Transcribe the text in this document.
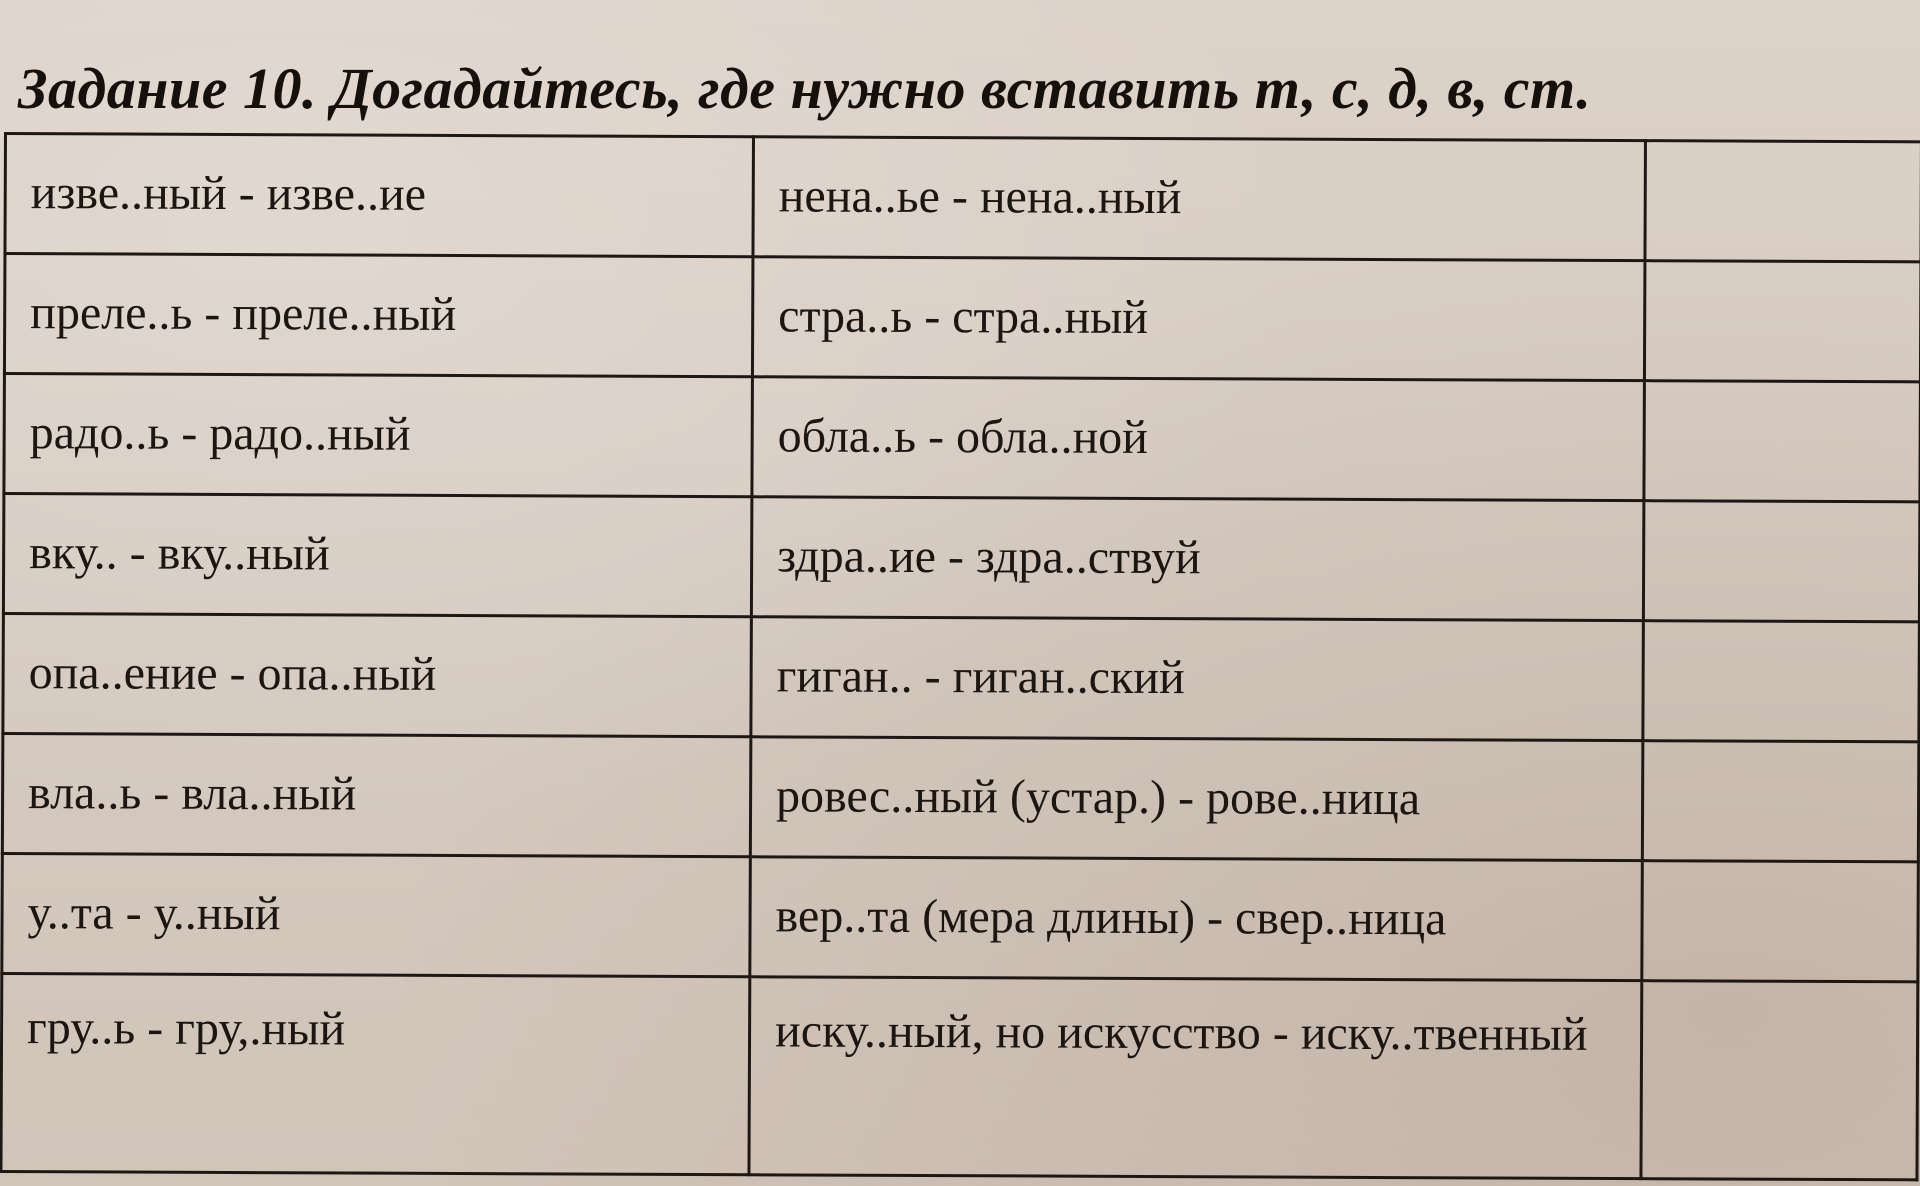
Задание 10. Догадайтесь, где нужно вставить т, с, д, в, ст.
изве..ный - изве..ие	нена..ье - нена..ный	
преле..ь - преле..ный	стра..ь - стра..ный	
радо..ь - радо..ный	обла..ь - обла..ной	
вку.. - вку..ный	здра..ие - здра..ствуй	
опа..ение - опа..ный	гиган.. - гиган..ский	
вла..ь - вла..ный	ровес..ный (устар.) - рове..ница	
у..та - у..ный	вер..та (мера длины) - свер..ница	
гру..ь - гру,.ный	иску..ный, но искусство - иску..твенный	
